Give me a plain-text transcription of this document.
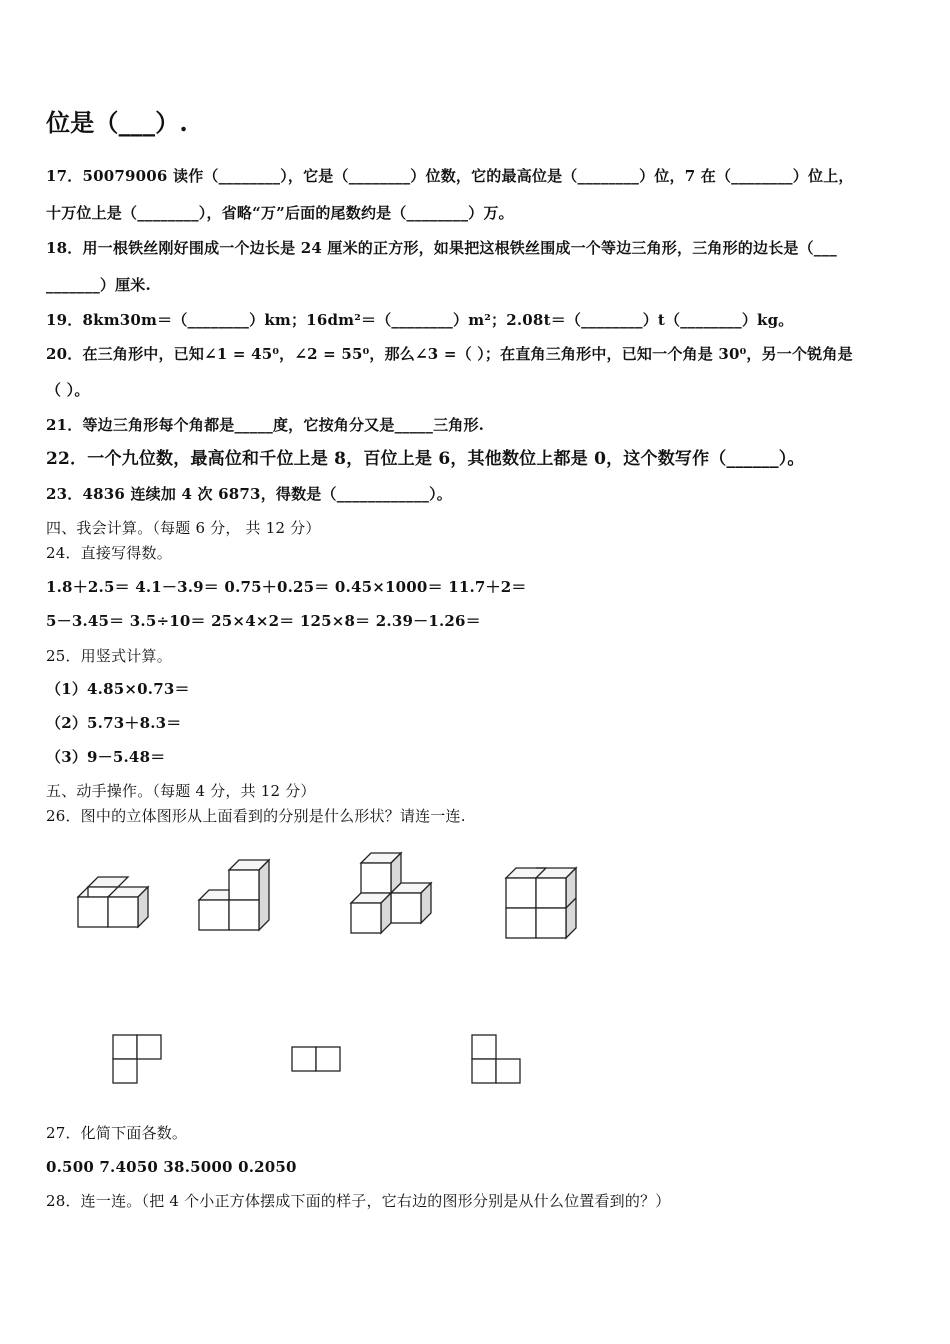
位是（___）.
17．50079006 读作（________），它是（________）位数，它的最高位是（________）位，7 在（________）位上，
十万位上是（________），省略“万”后面的尾数约是（________）万。
18．用一根铁丝刚好围成一个边长是 24 厘米的正方形，如果把这根铁丝围成一个等边三角形，三角形的边长是（___
_______）厘米.
19．8km30m＝（________）km；16dm²＝（________）m²；2.08t＝（________）t（________）kg。
20．在三角形中，已知∠1 = 45⁰，∠2 = 55⁰，那么∠3 =（ ）；在直角三角形中，已知一个角是 30⁰，另一个锐角是
（ ）。
21．等边三角形每个角都是_____度，它按角分又是_____三角形.
22．一个九位数，最高位和千位上是 8，百位上是 6，其他数位上都是 0，这个数写作（______）。
23．4836 连续加 4 次 6873，得数是（____________）。
四、我会计算。（每题 6 分， 共 12 分）
24．直接写得数。
1.8＋2.5＝ 4.1－3.9＝ 0.75＋0.25＝ 0.45×1000＝ 11.7＋2＝
5－3.45＝ 3.5÷10＝ 25×4×2＝ 125×8＝ 2.39－1.26＝
25．用竖式计算。
（1）4.85×0.73＝
（2）5.73＋8.3＝
（3）9－5.48＝
五、动手操作。（每题 4 分，共 12 分）
26．图中的立体图形从上面看到的分别是什么形状？请连一连.
27．化简下面各数。
0.500 7.4050 38.5000 0.2050
28．连一连。（把 4 个小正方体摆成下面的样子，它右边的图形分别是从什么位置看到的？）
